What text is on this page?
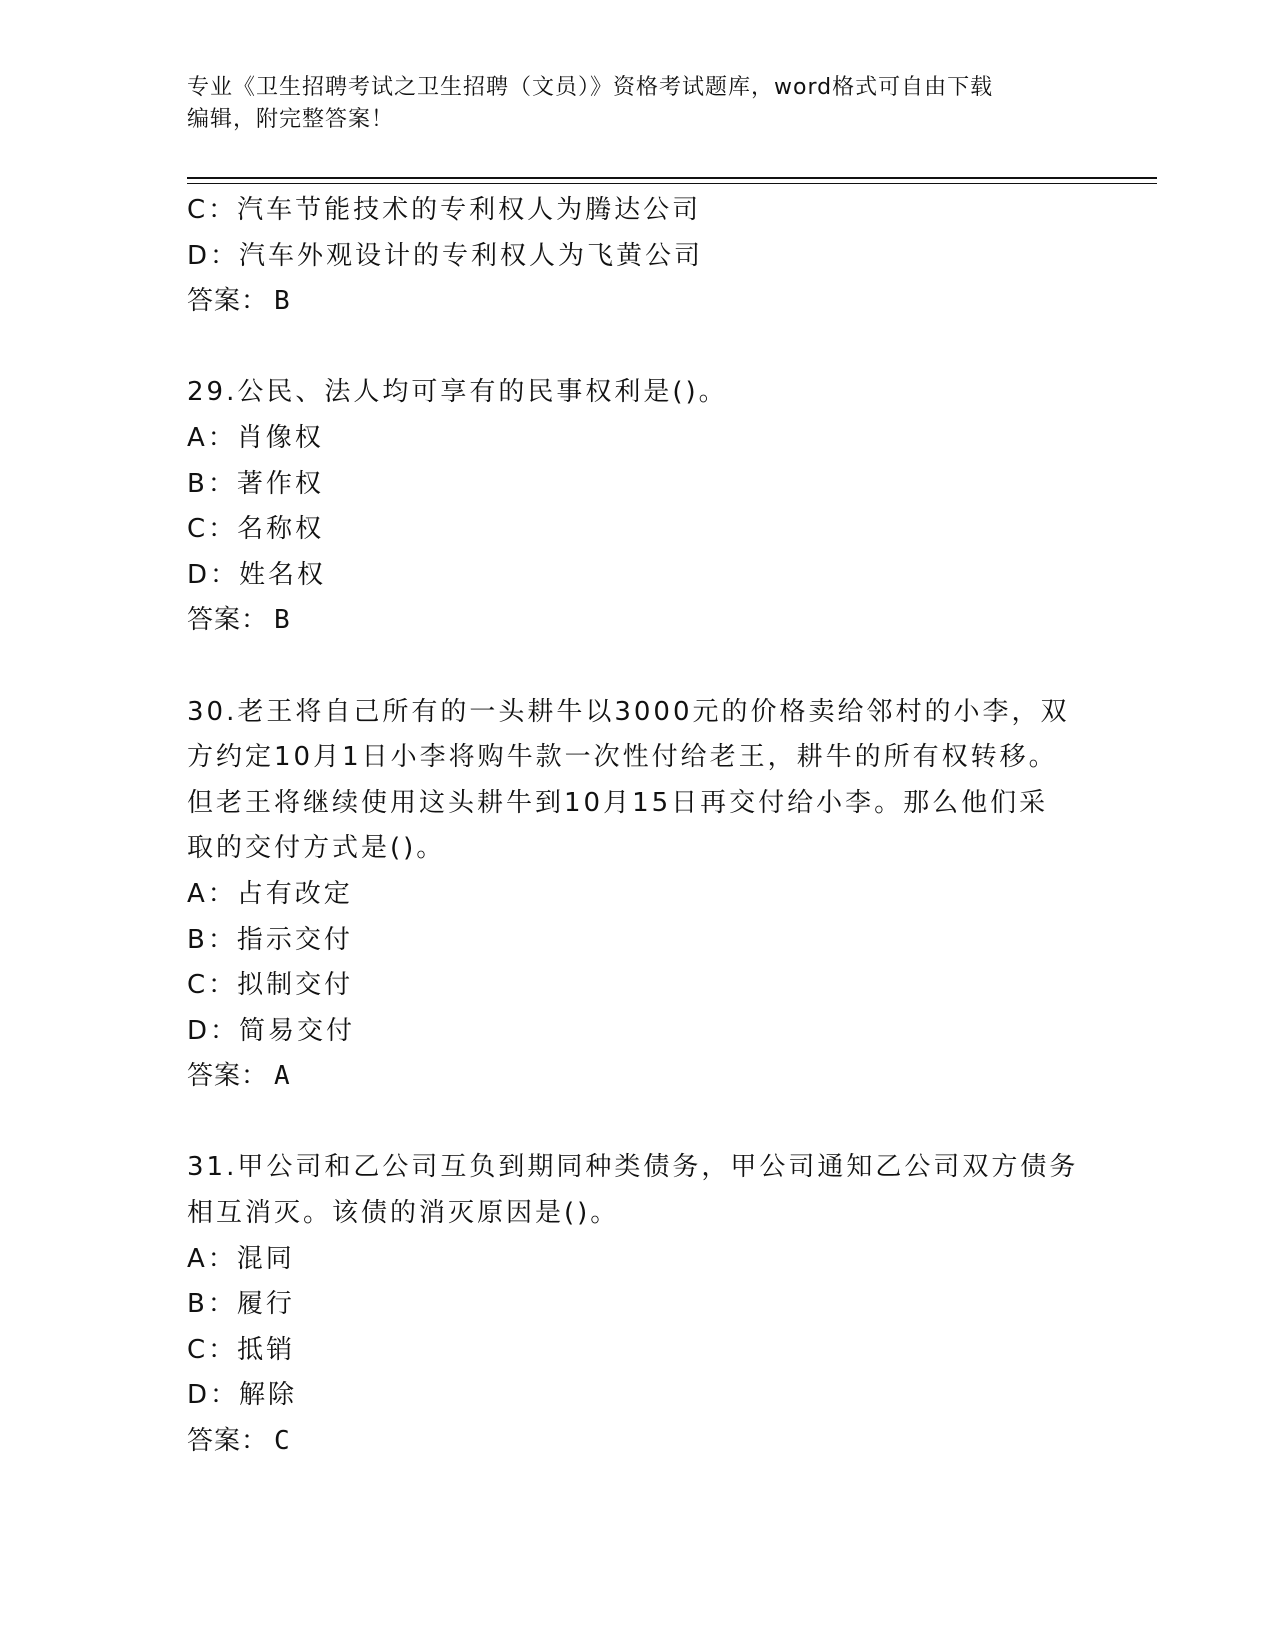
专业《卫生招聘考试之卫生招聘（文员）》资格考试题库，word格式可自由下载
编辑，附完整答案！
C：汽车节能技术的专利权人为腾达公司
D：汽车外观设计的专利权人为飞黄公司
答案： B
29.公民、法人均可享有的民事权利是()。
A：肖像权
B：著作权
C：名称权
D：姓名权
答案： B
30.老王将自己所有的一头耕牛以3000元的价格卖给邻村的小李，双
方约定10月1日小李将购牛款一次性付给老王，耕牛的所有权转移。
但老王将继续使用这头耕牛到10月15日再交付给小李。那么他们采
取的交付方式是()。
A：占有改定
B：指示交付
C：拟制交付
D：简易交付
答案： A
31.甲公司和乙公司互负到期同种类债务，甲公司通知乙公司双方债务
相互消灭。该债的消灭原因是()。
A：混同
B：履行
C：抵销
D：解除
答案： C
